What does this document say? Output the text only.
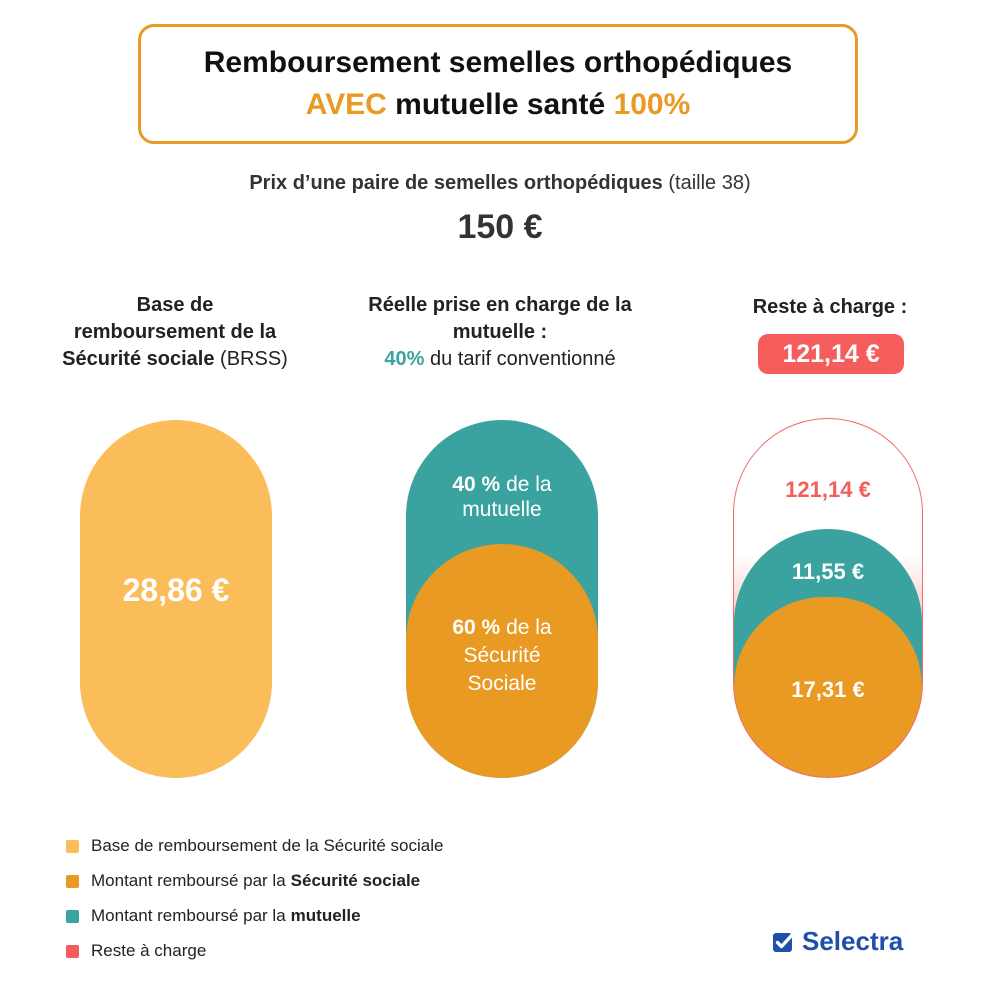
Remboursement semelles orthopédiques
AVEC mutuelle santé 100%
Prix d’une paire de semelles orthopédiques (taille 38)
150 €
Base de
remboursement de la
Sécurité sociale (BRSS)
Réelle prise en charge de la
mutuelle :
40% du tarif conventionné
Reste à charge :
121,14 €
28,86 €
40 % de la
mutuelle
60 % de la
Sécurité
Sociale
121,14 €
11,55 €
17,31 €
Base de remboursement de la Sécurité sociale
Montant remboursé par la Sécurité sociale
Montant remboursé par la mutuelle
Reste à charge	Selectra
